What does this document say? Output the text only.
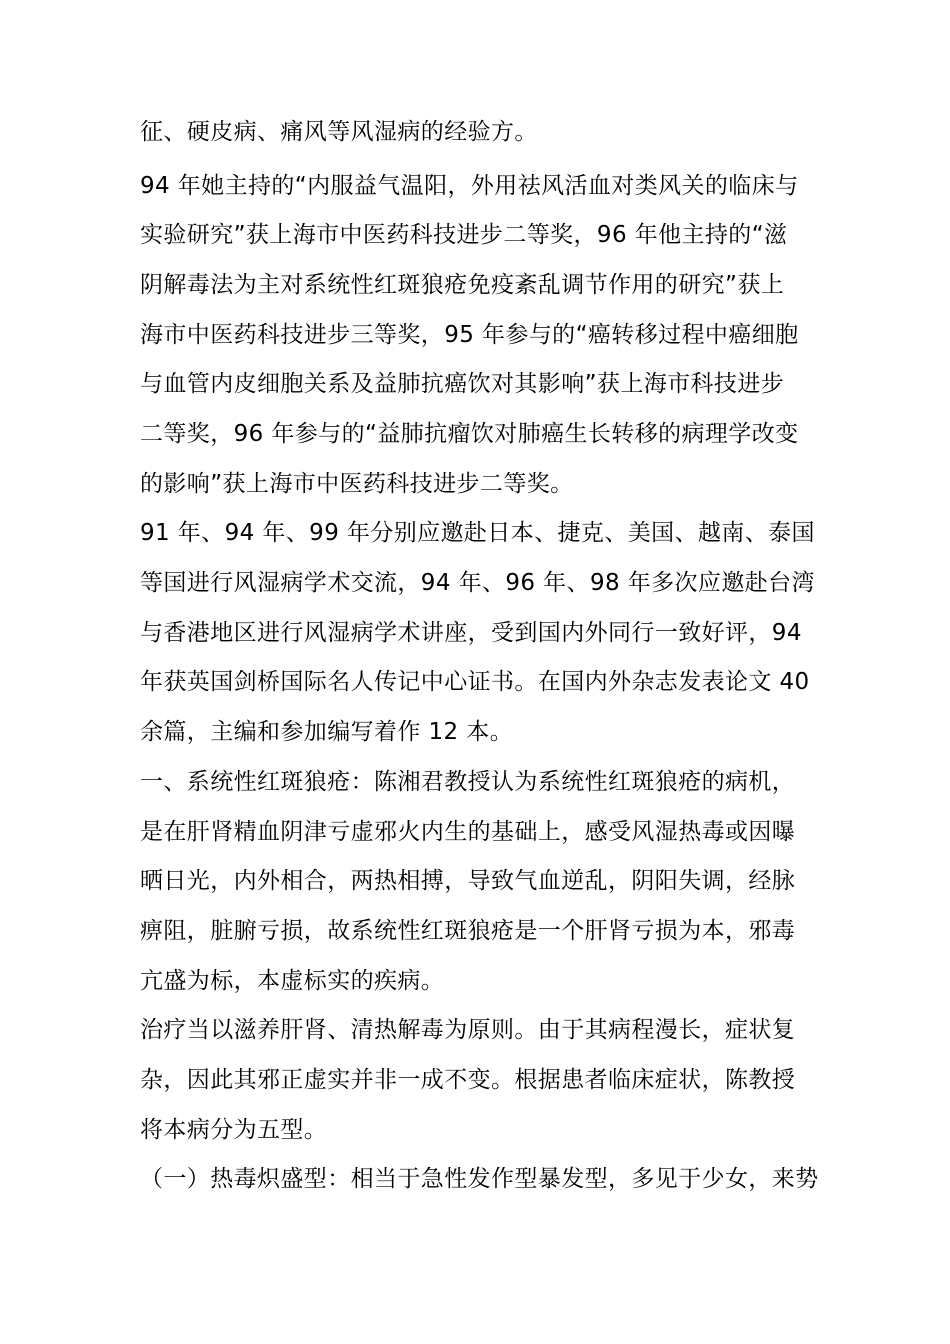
征、硬皮病、痛风等风湿病的经验方。
94 年她主持的“内服益气温阳，外用祛风活血对类风关的临床与
实验研究”获上海市中医药科技进步二等奖，96 年他主持的“滋
阴解毒法为主对系统性红斑狼疮免疫紊乱调节作用的研究”获上
海市中医药科技进步三等奖，95 年参与的“癌转移过程中癌细胞
与血管内皮细胞关系及益肺抗癌饮对其影响”获上海市科技进步
二等奖，96 年参与的“益肺抗瘤饮对肺癌生长转移的病理学改变
的影响”获上海市中医药科技进步二等奖。
91 年、94 年、99 年分别应邀赴日本、捷克、美国、越南、泰国
等国进行风湿病学术交流，94 年、96 年、98 年多次应邀赴台湾
与香港地区进行风湿病学术讲座，受到国内外同行一致好评，94
年获英国剑桥国际名人传记中心证书。在国内外杂志发表论文 40
余篇，主编和参加编写着作 12 本。
一、系统性红斑狼疮：陈湘君教授认为系统性红斑狼疮的病机，
是在肝肾精血阴津亏虚邪火内生的基础上，感受风湿热毒或因曝
晒日光，内外相合，两热相搏，导致气血逆乱，阴阳失调，经脉
痹阻，脏腑亏损，故系统性红斑狼疮是一个肝肾亏损为本，邪毒
亢盛为标，本虚标实的疾病。
治疗当以滋养肝肾、清热解毒为原则。由于其病程漫长，症状复
杂，因此其邪正虚实并非一成不变。根据患者临床症状，陈教授
将本病分为五型。
（一）热毒炽盛型：相当于急性发作型暴发型，多见于少女，来势
